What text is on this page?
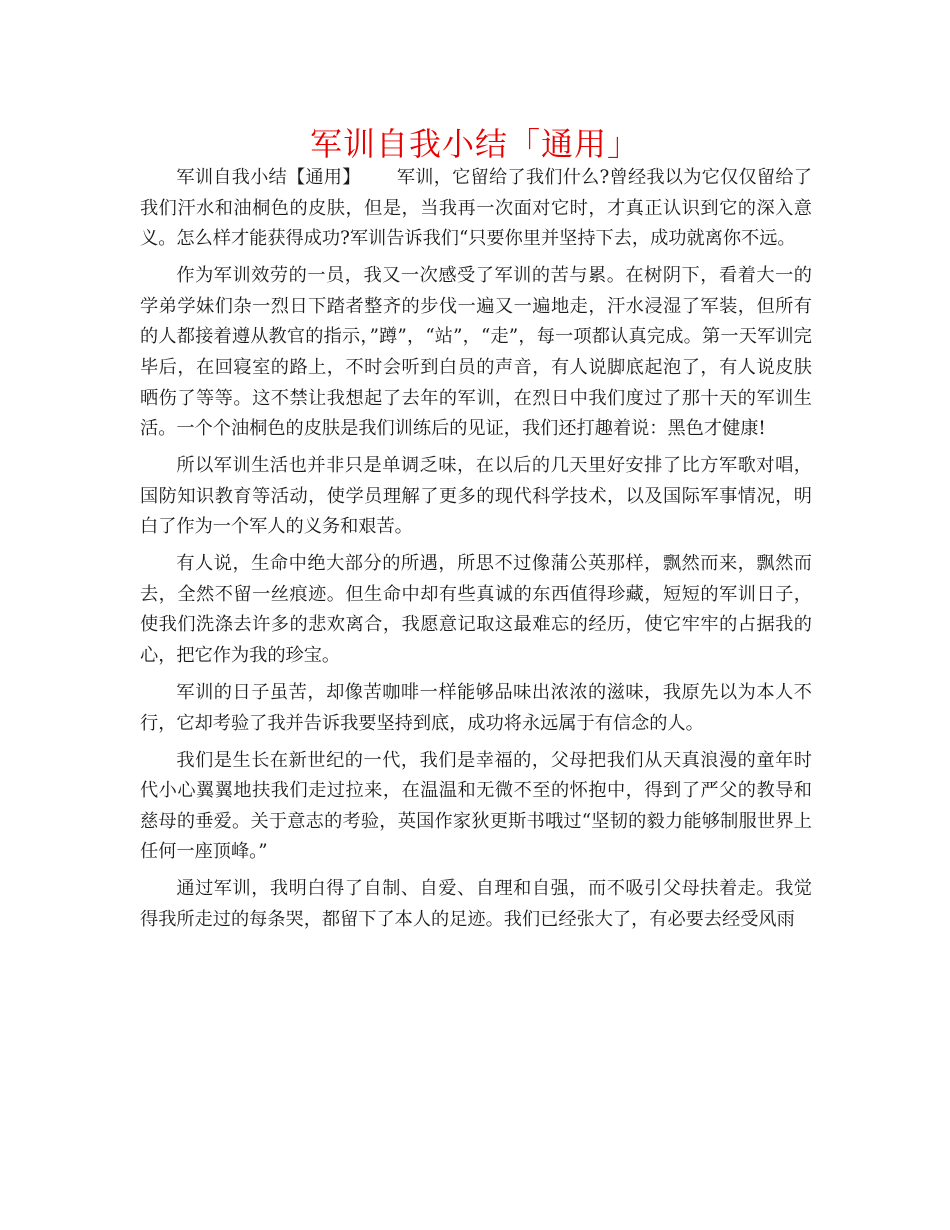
军训自我小结「通用」

军训自我小结【通用】 军训，它留给了我们什么?曾经我以为它仅仅留给了我们汗水和油桐色的皮肤，但是，当我再一次面对它时，才真正认识到它的深入意义。怎么样才能获得成功?军训告诉我们“只要你里并坚持下去，成功就离你不远。

作为军训效劳的一员，我又一次感受了军训的苦与累。在树阴下，看着大一的学弟学妹们杂一烈日下踏者整齐的步伐一遍又一遍地走，汗水浸湿了军装，但所有的人都接着遵从教官的指示，”蹲”，“站”，“走”，每一项都认真完成。第一天军训完毕后，在回寝室的路上，不时会听到白员的声音，有人说脚底起泡了，有人说皮肤晒伤了等等。这不禁让我想起了去年的军训，在烈日中我们度过了那十天的军训生活。一个个油桐色的皮肤是我们训练后的见证，我们还打趣着说：黑色才健康!

所以军训生活也并非只是单调乏味，在以后的几天里好安排了比方军歌对唱，国防知识教育等活动，使学员理解了更多的现代科学技术，以及国际军事情况，明白了作为一个军人的义务和艰苦。

有人说，生命中绝大部分的所遇，所思不过像蒲公英那样，飘然而来，飘然而去，全然不留一丝痕迹。但生命中却有些真诚的东西值得珍藏，短短的军训日子，使我们洗涤去许多的悲欢离合，我愿意记取这最难忘的经历，使它牢牢的占据我的心，把它作为我的珍宝。

军训的日子虽苦，却像苦咖啡一样能够品味出浓浓的滋味，我原先以为本人不行，它却考验了我并告诉我要坚持到底，成功将永远属于有信念的人。

我们是生长在新世纪的一代，我们是幸福的，父母把我们从天真浪漫的童年时代小心翼翼地扶我们走过拉来，在温温和无微不至的怀抱中，得到了严父的教导和慈母的垂爱。关于意志的考验，英国作家狄更斯书哦过“坚韧的毅力能够制服世界上任何一座顶峰。”

通过军训，我明白得了自制、自爱、自理和自强，而不吸引父母扶着走。我觉得我所走过的每条哭，都留下了本人的足迹。我们已经张大了，有必要去经受风雨
